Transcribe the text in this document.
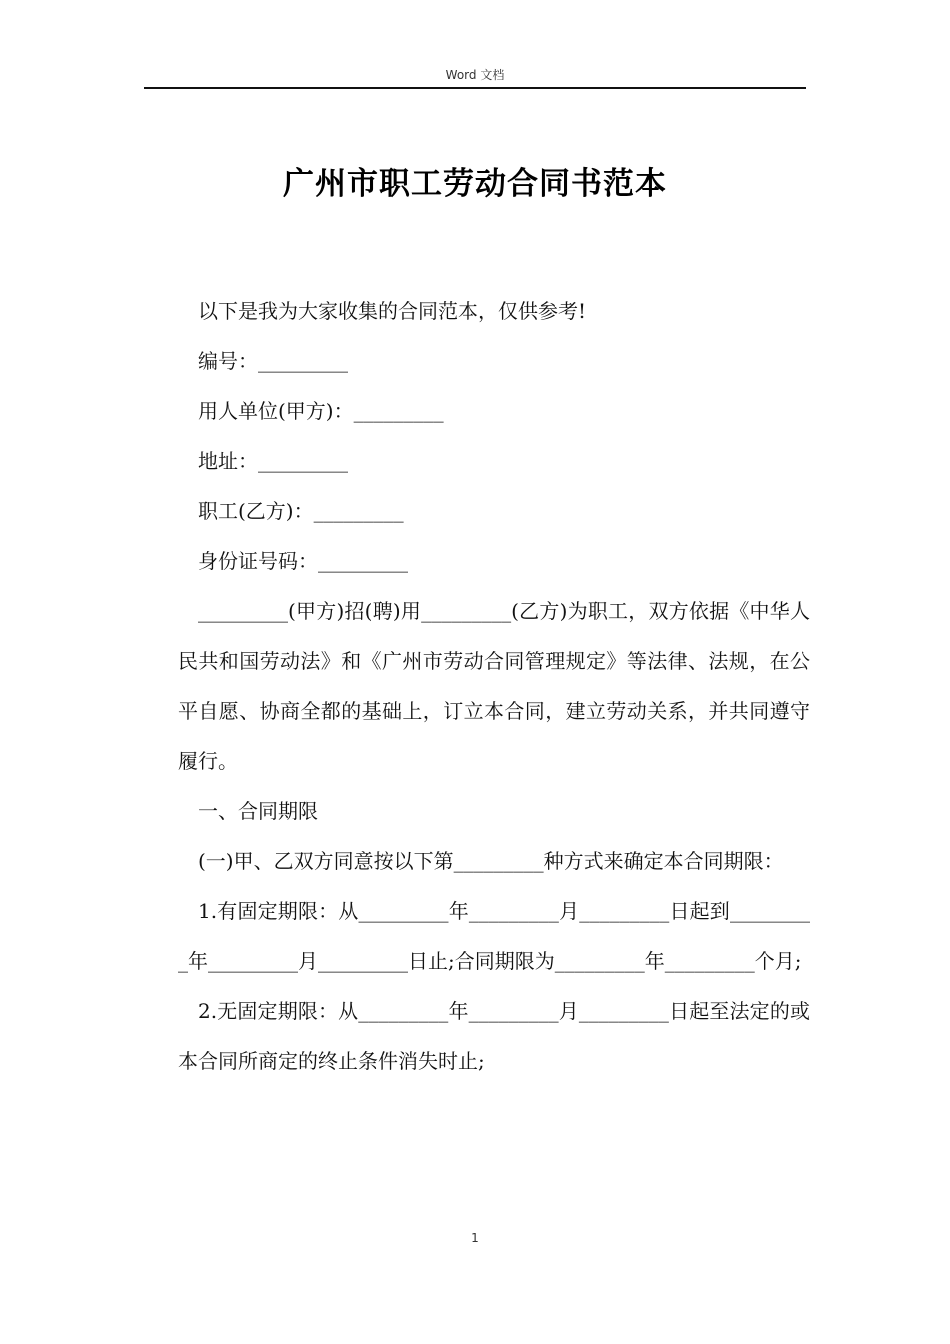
Word 文档
广州市职工劳动合同书范本

以下是我为大家收集的合同范本，仅供参考!

编号：_________

用人单位(甲方)：_________

地址：_________

职工(乙方)：_________

身份证号码：_________

_________(甲方)招(聘)用_________(乙方)为职工，双方依据《中华人民共和国劳动法》和《广州市劳动合同管理规定》等法律、法规，在公平自愿、协商全都的基础上，订立本合同，建立劳动关系，并共同遵守履行。

一、合同期限

(一)甲、乙双方同意按以下第_________种方式来确定本合同期限：

1.有固定期限：从_________年_________月_________日起到_________年_________月_________日止;合同期限为_________年_________个月;

2.无固定期限：从_________年_________月_________日起至法定的或本合同所商定的终止条件消失时止;

1
